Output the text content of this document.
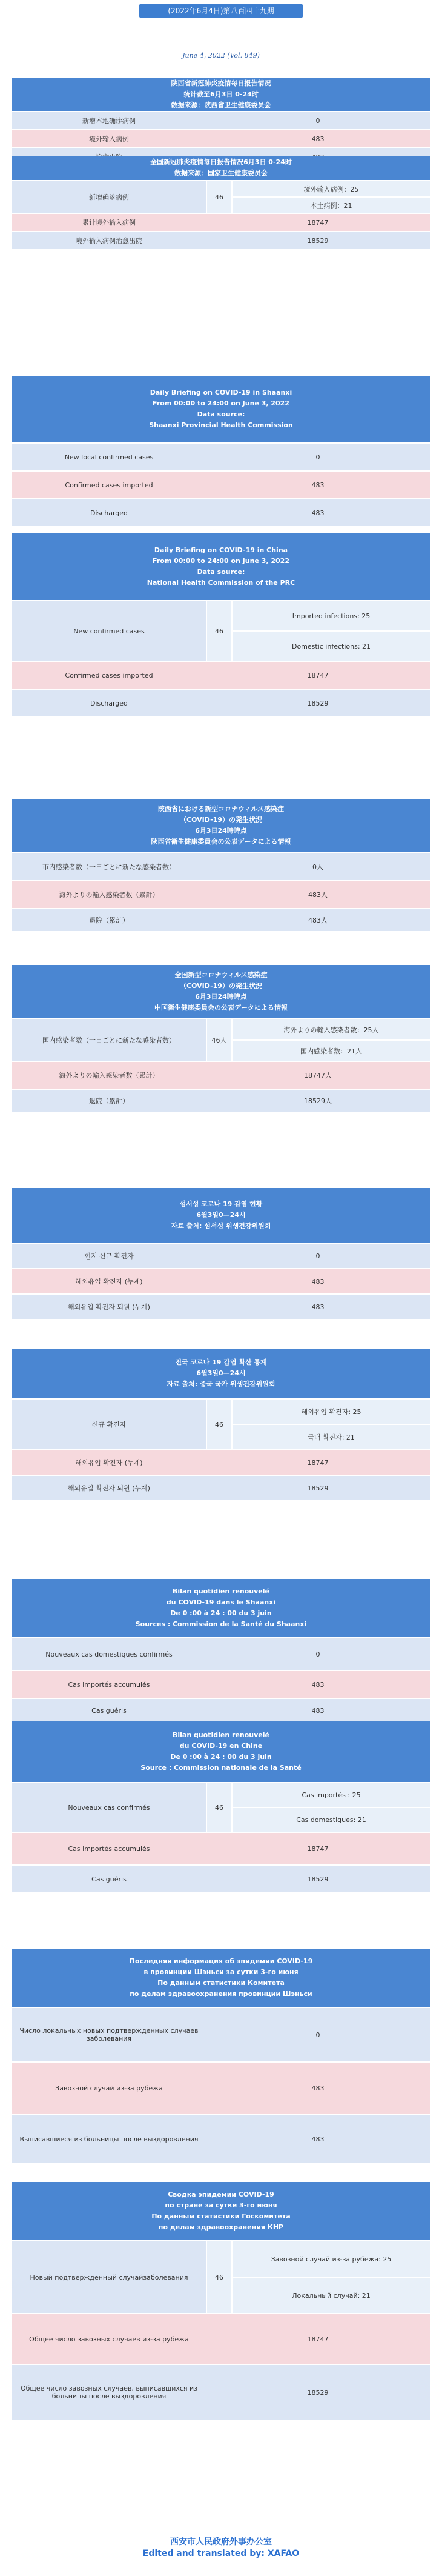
(2022年6月4日)第八百四十九期
June 4, 2022 (Vol. 849)
陕西省新冠肺炎疫情每日报告情况
统计截至6月3日 0-24时
数据来源：陕西省卫生健康委员会
新增本地确诊病例	0
境外输入病例	483
全国新冠肺炎疫情每日报告情况6月3日 0-24时
数据来源：国家卫生健康委员会
新增确诊病例	46
境外输入病例：25
本土病例：21
累计境外输入病例	18747
境外输入病例治愈出院	18529
Daily Briefing on COVID-19 in Shaanxi
From 00:00 to 24:00 on June 3, 2022
Data source:
Shaanxi Provincial Health Commission
New local confirmed cases	0
Confirmed cases imported	483
Discharged	483
Daily Briefing on COVID-19 in China
From 00:00 to 24:00 on June 3, 2022
Data source:
National Health Commission of the PRC
New confirmed cases	46
Imported infections: 25
Domestic infections: 21
Confirmed cases imported	18747
Discharged	18529
陝西省における新型コロナウィルス感染症
（COVID-19）の発生状況
6月3日24時時点
陝西省衛生健康委員会の公表データによる情報
市内感染者数（一日ごとに新たな感染者数）	0人
海外よりの輸入感染者数（累計）	483人
退院（累計）	483人
全国新型コロナウィルス感染症
（COVID-19）の発生状況
6月3日24時時点
中国衛生健康委員会の公表データによる情報
国内感染者数（一日ごとに新たな感染者数）	46人
海外よりの輸入感染者数：25人
国内感染者数：21人
海外よりの輸入感染者数（累計）	18747人
退院（累計）	18529人
섬서성 코로나 19 감염 현황
6월3일0—24시
자료 출처: 섬서성 위생건강위원회
현지 신규 확진자	0
해외유입 확진자 (누계)	483
해외유입 확진자 퇴원 (누계)	483
전국 코로나 19 감염 확산 통계
6월3일0—24시
자료 출처: 중국 국가 위생건강위원회
신규 확진자	46
해외유입 확진자: 25
국내 확진자: 21
해외유입 확진자 (누계)	18747
해외유입 확진자 퇴원 (누계)	18529
Bilan quotidien renouvelé
du COVID-19 dans le Shaanxi
De 0 :00 à 24 : 00 du 3 juin
Sources : Commission de la Santé du Shaanxi
Nouveaux cas domestiques confirmés	0
Cas importés accumulés	483
Cas guéris	483
Bilan quotidien renouvelé
du COVID-19 en Chine
De 0 :00 à 24 : 00 du 3 juin
Source : Commission nationale de la Santé
Nouveaux cas confirmés	46
Cas importés : 25
Cas domestiques: 21
Cas importés accumulés	18747
Cas guéris	18529
Последняя информация об эпидемии COVID-19
в провинции Шэньси за сутки 3-го июня
По данным статистики Комитета
по делам здравоохранения провинции Шэньси
Число локальных новых подтвержденных случаев заболевания	0
Завозной случай из-за рубежа	483
Выписавшиеся из больницы после выздоровления	483
Сводка эпидемии COVID-19
по стране за сутки 3-го июня
По данным статистики Госкомитета
по делам здравоохранения КНР
Новый подтвержденный случайзаболевания	46
Завозной случай из-за рубежа: 25
Локальный случай: 21
Общее число завозных случаев из-за рубежа	18747
Общее число завозных случаев, выписавшихся из больницы после выздоровления	18529
西安市人民政府外事办公室
Edited and translated by: XAFAO
